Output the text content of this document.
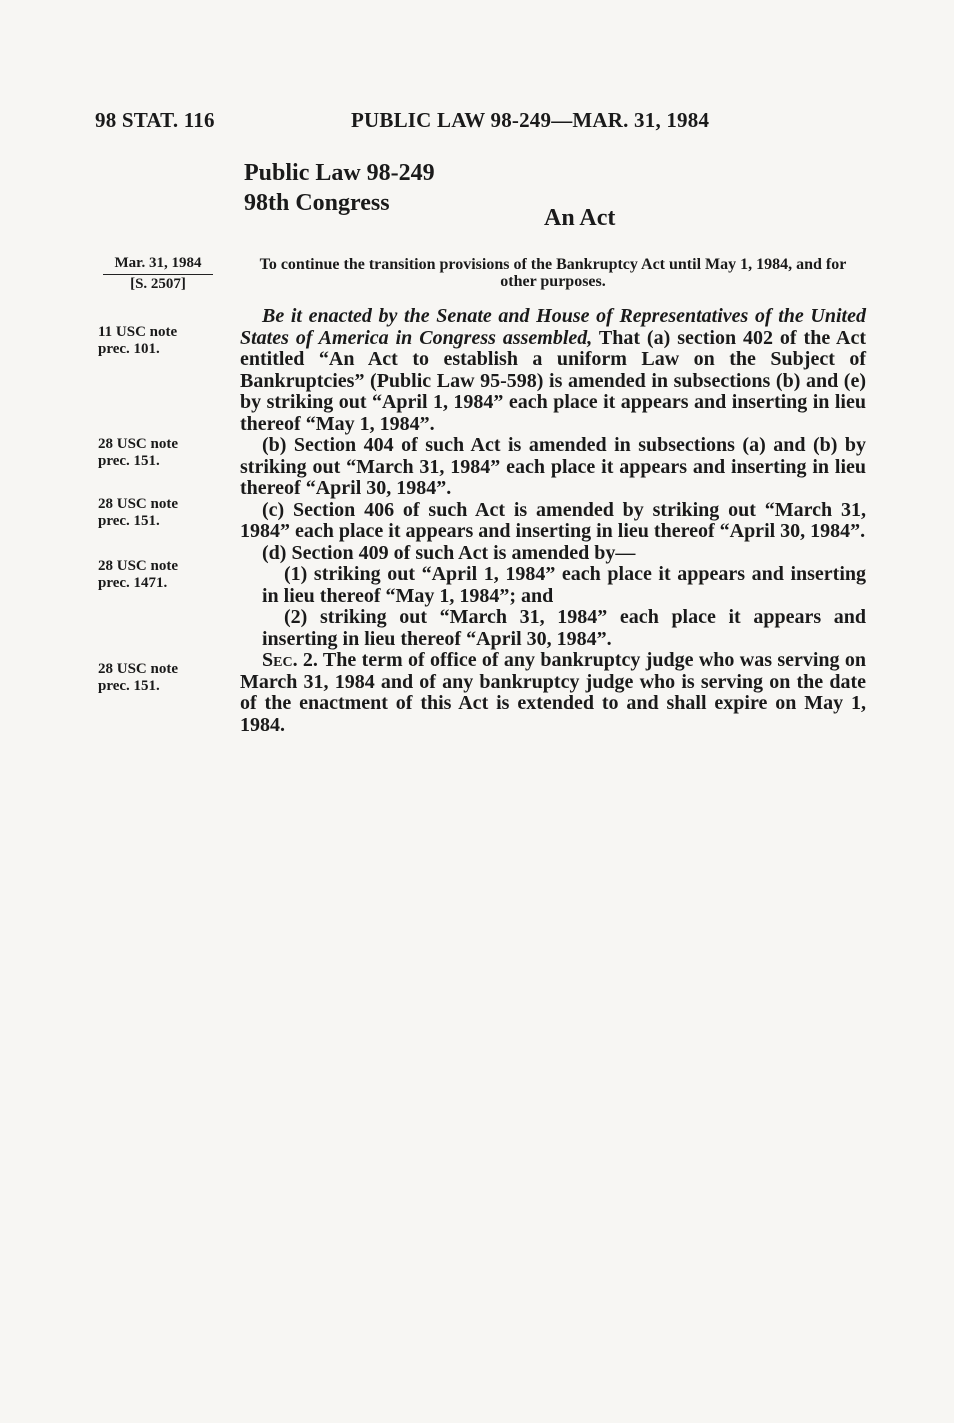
98 STAT. 116	PUBLIC LAW 98-249—MAR. 31, 1984
Public Law 98-249
98th Congress
An Act
Mar. 31, 1984
[S. 2507]
To continue the transition provisions of the Bankruptcy Act until May 1, 1984, and for other purposes.
11 USC note
prec. 101.
28 USC note
prec. 151.
28 USC note
prec. 151.
28 USC note
prec. 1471.
28 USC note
prec. 151.

Be it enacted by the Senate and House of Representatives of the United States of America in Congress assembled, That (a) section 402 of the Act entitled “An Act to establish a uniform Law on the Subject of Bankruptcies” (Public Law 95-598) is amended in subsections (b) and (e) by striking out “April 1, 1984” each place it appears and inserting in lieu thereof “May 1, 1984”.

(b) Section 404 of such Act is amended in subsections (a) and (b) by striking out “March 31, 1984” each place it appears and inserting in lieu thereof “April 30, 1984”.

(c) Section 406 of such Act is amended by striking out “March 31, 1984” each place it appears and inserting in lieu thereof “April 30, 1984”.

(d) Section 409 of such Act is amended by—

(1) striking out “April 1, 1984” each place it appears and inserting in lieu thereof “May 1, 1984”; and

(2) striking out “March 31, 1984” each place it appears and inserting in lieu thereof “April 30, 1984”.

Sec. 2. The term of office of any bankruptcy judge who was serving on March 31, 1984 and of any bankruptcy judge who is serving on the date of the enactment of this Act is extended to and shall expire on May 1, 1984.
